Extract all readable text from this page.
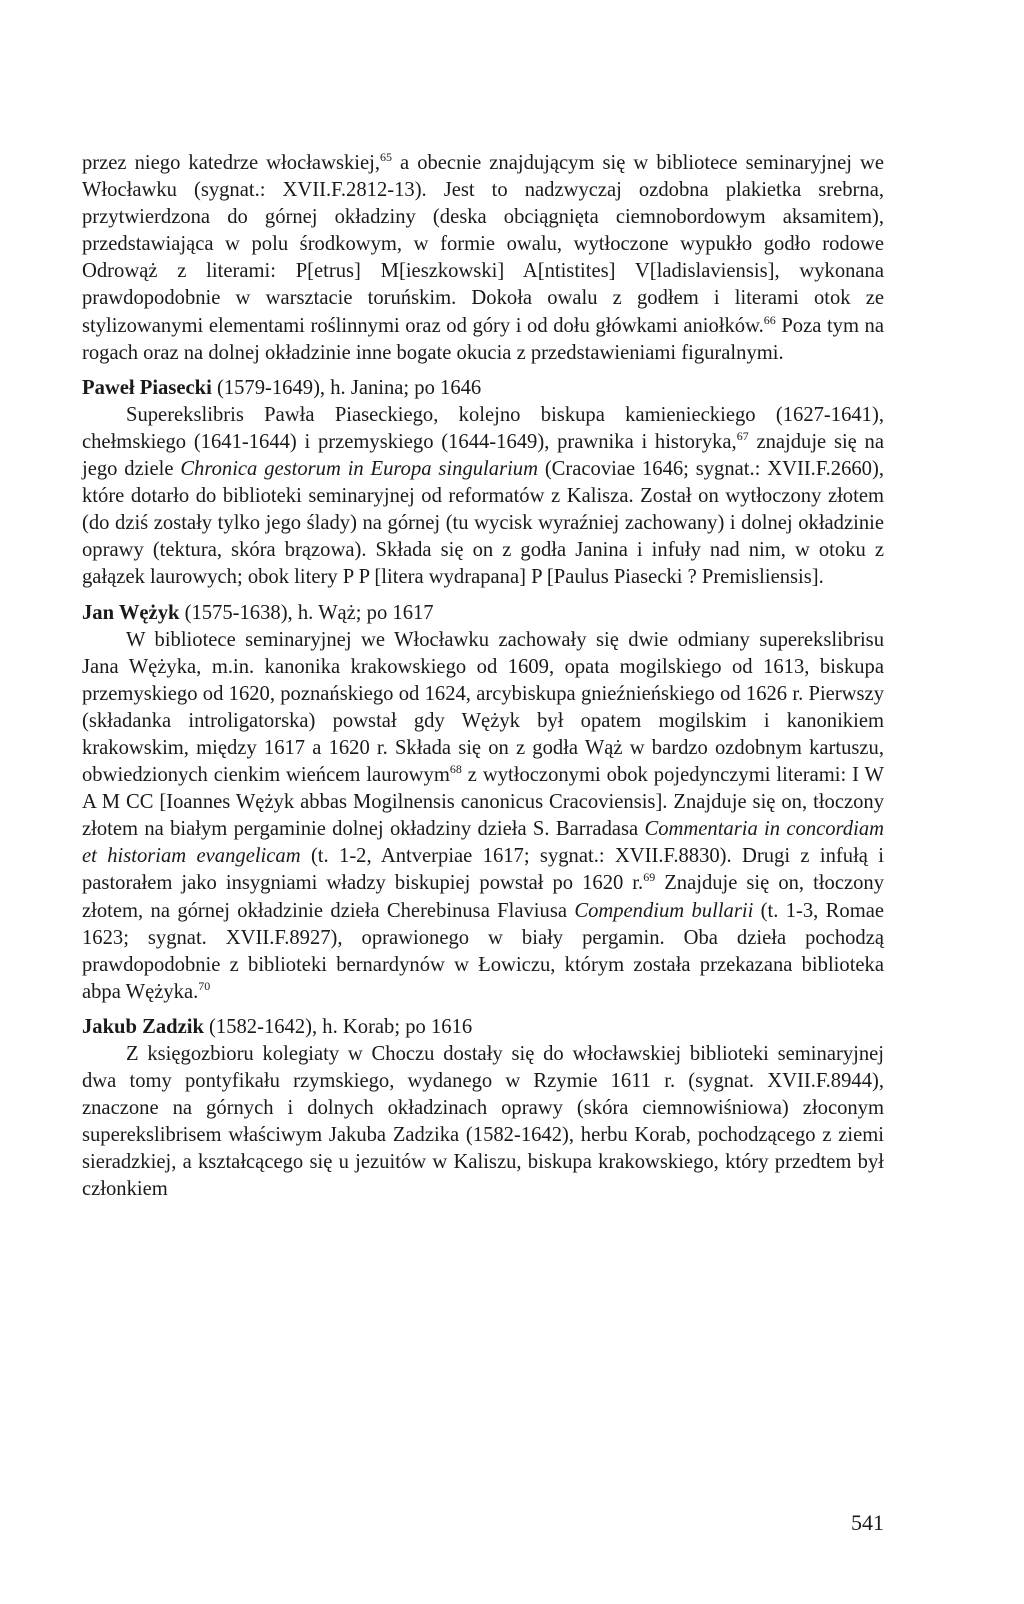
przez niego katedrze włocławskiej,$^{65}$ a obecnie znajdującym się w bibliotece seminaryjnej we Włocławku (sygnat.: XVII.F.2812-13). Jest to nadzwyczaj ozdobna plakietka srebrna, przytwierdzona do górnej okładziny (deska obciągnięta ciemnobordowym aksamitem), przedstawiająca w polu środkowym, w formie owalu, wytłoczone wypukło godło rodowe Odrowąż z literami: P[etrus] M[ieszkowski] A[ntistites] V[ladislaviensis], wykonana prawdopodobnie w warsztacie toruńskim. Dokoła owalu z godłem i literami otok ze stylizowanymi elementami roślinnymi oraz od góry i od dołu główkami aniołków.$^{66}$ Poza tym na rogach oraz na dolnej okładzinie inne bogate okucia z przedstawieniami figuralnymi.

Paweł Piasecki (1579-1649), h. Janina; po 1646

Superekslibris Pawła Piaseckiego, kolejno biskupa kamienieckiego (1627-1641), chełmskiego (1641-1644) i przemyskiego (1644-1649), prawnika i historyka,$^{67}$ znajduje się na jego dziele Chronica gestorum in Europa singularium (Cracoviae 1646; sygnat.: XVII.F.2660), które dotarło do biblioteki seminaryjnej od reformatów z Kalisza. Został on wytłoczony złotem (do dziś zostały tylko jego ślady) na górnej (tu wycisk wyraźniej zachowany) i dolnej okładzinie oprawy (tektura, skóra brązowa). Składa się on z godła Janina i infuły nad nim, w otoku z gałązek laurowych; obok litery P P [litera wydrapana] P [Paulus Piasecki ? Premisliensis].

Jan Wężyk (1575-1638), h. Wąż; po 1617

W bibliotece seminaryjnej we Włocławku zachowały się dwie odmiany superekslibrisu Jana Wężyka, m.in. kanonika krakowskiego od 1609, opata mogilskiego od 1613, biskupa przemyskiego od 1620, poznańskiego od 1624, arcybiskupa gnieźnieńskiego od 1626 r. Pierwszy (składanka introligatorska) powstał gdy Wężyk był opatem mogilskim i kanonikiem krakowskim, między 1617 a 1620 r. Składa się on z godła Wąż w bardzo ozdobnym kartuszu, obwiedzionych cienkim wieńcem laurowym$^{68}$ z wytłoczonymi obok pojedynczymi literami: I W A M CC [Ioannes Wężyk abbas Mogilnensis canonicus Cracoviensis]. Znajduje się on, tłoczony złotem na białym pergaminie dolnej okładziny dzieła S. Barradasa Commentaria in concordiam et historiam evangelicam (t. 1-2, Antverpiae 1617; sygnat.: XVII.F.8830). Drugi z infułą i pastorałem jako insygniami władzy biskupiej powstał po 1620 r.$^{69}$ Znajduje się on, tłoczony złotem, na górnej okładzinie dzieła Cherebinusa Flaviusa Compendium bullarii (t. 1-3, Romae 1623; sygnat. XVII.F.8927), oprawionego w biały pergamin. Oba dzieła pochodzą prawdopodobnie z biblioteki bernardynów w Łowiczu, którym została przekazana biblioteka abpa Wężyka.$^{70}$

Jakub Zadzik (1582-1642), h. Korab; po 1616

Z księgozbioru kolegiaty w Choczu dostały się do włocławskiej biblioteki seminaryjnej dwa tomy pontyfikału rzymskiego, wydanego w Rzymie 1611 r. (sygnat. XVII.F.8944), znaczone na górnych i dolnych okładzinach oprawy (skóra ciemnowiśniowa) złoconym superekslibrisem właściwym Jakuba Zadzika (1582-1642), herbu Korab, pochodzącego z ziemi sieradzkiej, a kształcącego się u jezuitów w Kaliszu, biskupa krakowskiego, który przedtem był członkiem

541
